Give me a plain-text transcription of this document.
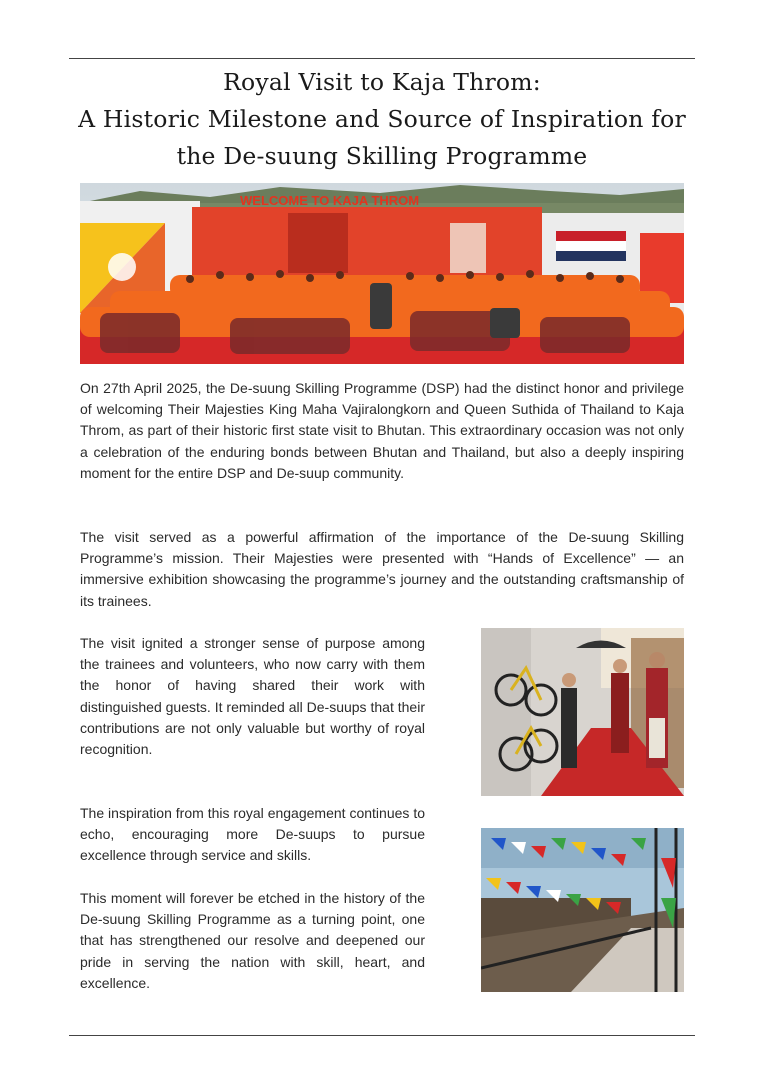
Royal Visit to Kaja Throm:
A Historic Milestone and Source of Inspiration for
the De-suung Skilling Programme
WELCOME TO KAJA THROM

On 27th April 2025, the De-suung Skilling Programme (DSP) had the distinct honor and privilege of welcoming Their Majesties King Maha Vajiralongkorn and Queen Suthida of Thailand to Kaja Throm, as part of their historic first state visit to Bhutan. This extraordinary occasion was not only a celebration of the enduring bonds between Bhutan and Thailand, but also a deeply inspiring moment for the entire DSP and De-suup community.

The visit served as a powerful affirmation of the importance of the De-suung Skilling Programme’s mission. Their Majesties were presented with “Hands of Excellence” — an immersive exhibition showcasing the programme’s journey and the outstanding craftsmanship of its trainees.

The visit ignited a stronger sense of purpose among the trainees and volunteers, who now carry with them the honor of having shared their work with distinguished guests. It reminded all De-suups that their contributions are not only valuable but worthy of royal recognition.

The inspiration from this royal engagement continues to echo, encouraging more De-suups to pursue excellence through service and skills.

This moment will forever be etched in the history of the De-suung Skilling Programme as a turning point, one that has strengthened our resolve and deepened our pride in serving the nation with skill, heart, and excellence.
